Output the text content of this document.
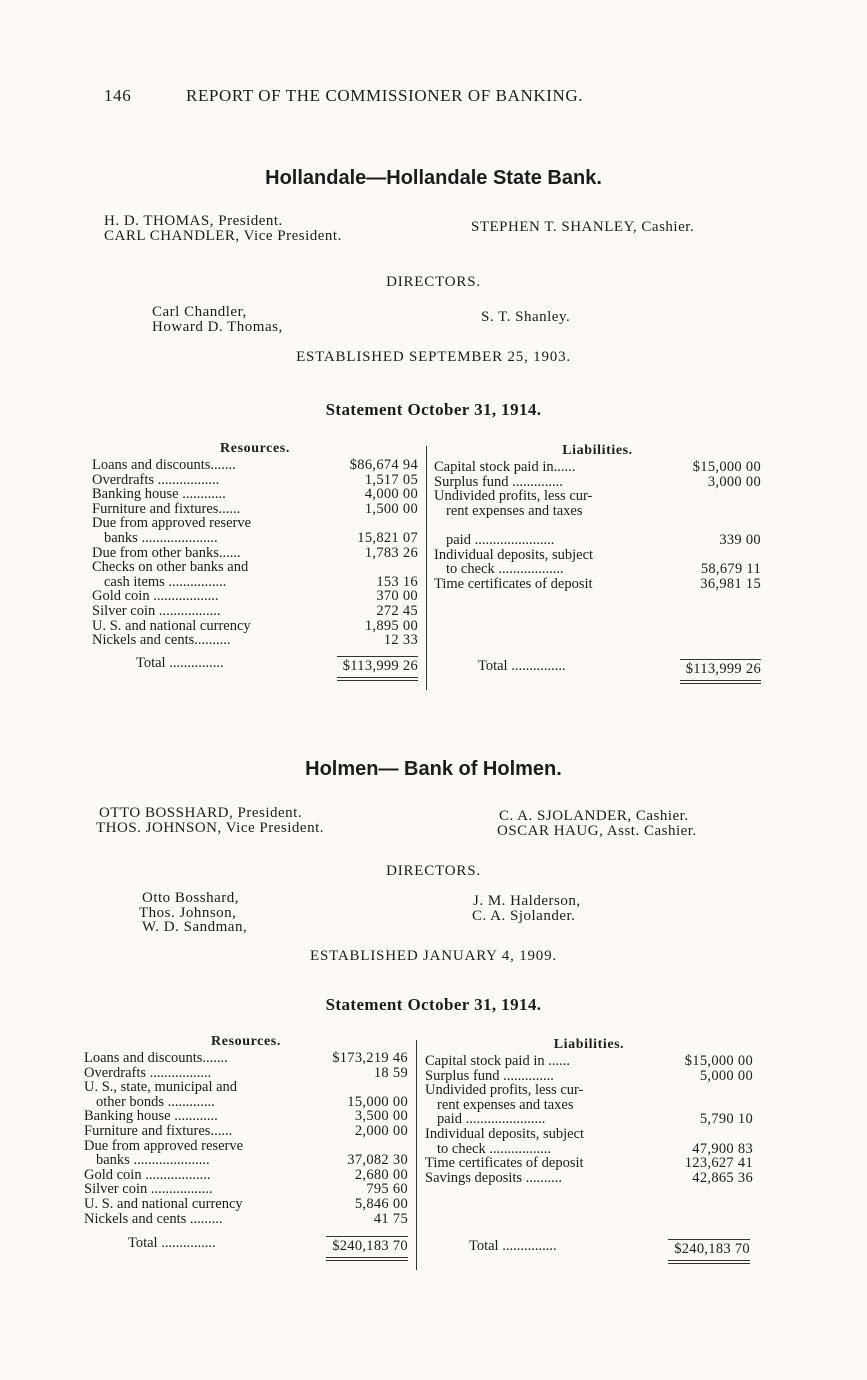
146	REPORT OF THE COMMISSIONER OF BANKING.
Hollandale—Hollandale State Bank.
H. D. THOMAS, President.
CARL CHANDLER, Vice President.
STEPHEN T. SHANLEY, Cashier.
DIRECTORS.
Carl Chandler,
Howard D. Thomas,
S. T. Shanley.
ESTABLISHED SEPTEMBER 25, 1903.
Statement October 31, 1914.
Resources.
Loans and discounts.......	$86,674 94
Overdrafts .................	1,517 05
Banking house ............	4,000 00
Furniture and fixtures......	1,500 00
Due from approved reserve
banks .....................	15,821 07
Due from other banks......	1,783 26
Checks on other banks and
cash items ................	153 16
Gold coin ..................	370 00
Silver coin .................	272 45
U. S. and national currency	1,895 00
Nickels and cents..........	12 33
Liabilities.
Capital stock paid in......	$15,000 00
Surplus fund ..............	3,000 00
Undivided profits, less cur-
rent expenses and taxes
paid ......................	339 00
Individual deposits, subject
to check ..................	58,679 11
Time certificates of deposit	36,981 15
Total ...............	$113,999 26	Total ...............	$113,999 26
Holmen— Bank of Holmen.
OTTO BOSSHARD, President.
THOS. JOHNSON, Vice President.
C. A. SJOLANDER, Cashier.
OSCAR HAUG, Asst. Cashier.
DIRECTORS.
Otto Bosshard,
Thos. Johnson,
W. D. Sandman,
J. M. Halderson,
C. A. Sjolander.
ESTABLISHED JANUARY 4, 1909.
Statement October 31, 1914.
Resources.
Loans and discounts.......	$173,219 46
Overdrafts .................	18 59
U. S., state, municipal and
other bonds .............	15,000 00
Banking house ............	3,500 00
Furniture and fixtures......	2,000 00
Due from approved reserve
banks .....................	37,082 30
Gold coin ..................	2,680 00
Silver coin .................	795 60
U. S. and national currency	5,846 00
Nickels and cents .........	41 75
Liabilities.
Capital stock paid in ......	$15,000 00
Surplus fund ..............	5,000 00
Undivided profits, less cur-
rent expenses and taxes
paid ......................	5,790 10
Individual deposits, subject
to check .................	47,900 83
Time certificates of deposit	123,627 41
Savings deposits ..........	42,865 36
Total ...............	$240,183 70	Total ...............	$240,183 70
